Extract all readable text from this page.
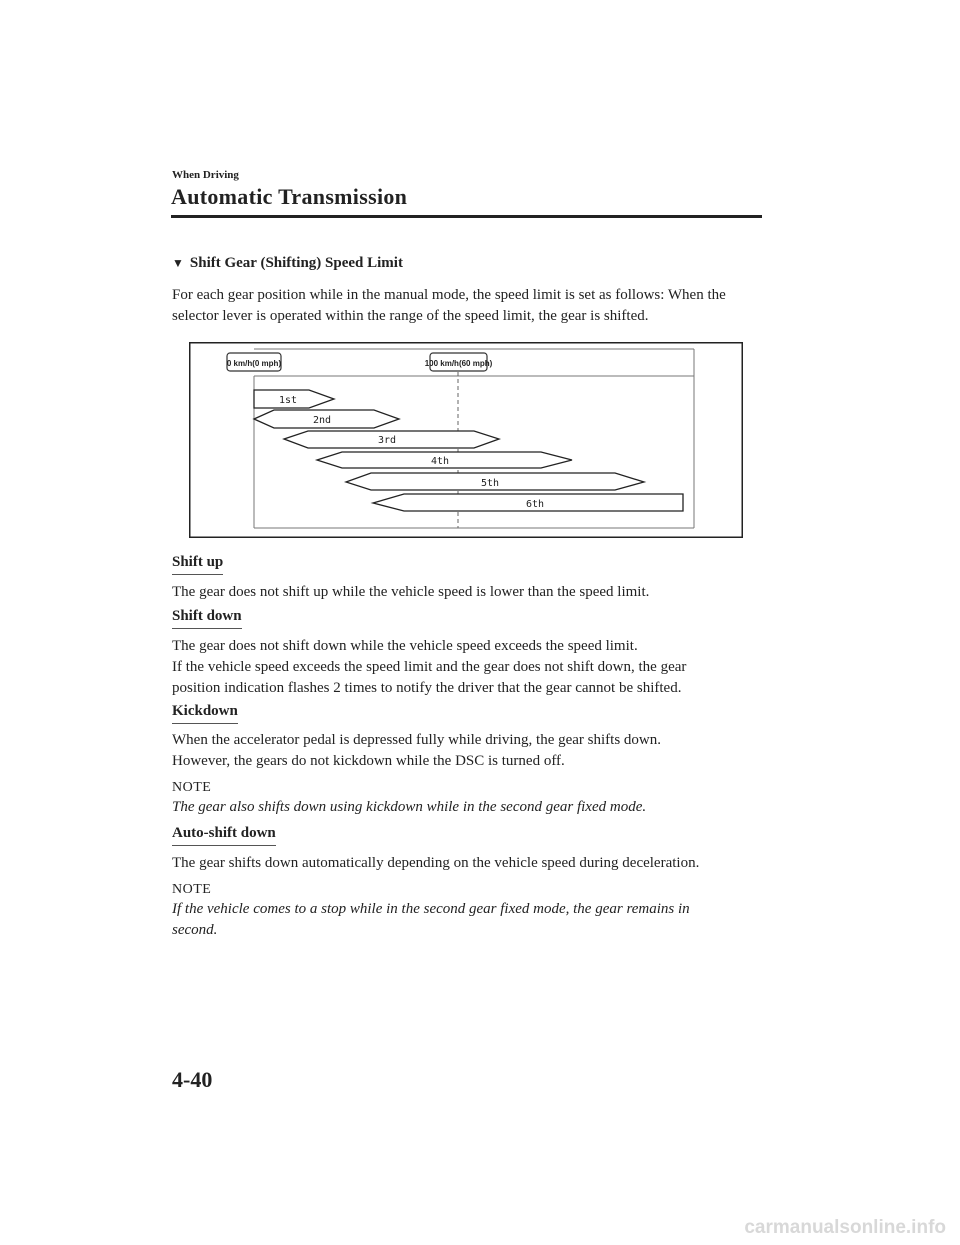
When Driving
Automatic Transmission
▼ Shift Gear (Shifting) Speed Limit
For each gear position while in the manual mode, the speed limit is set as follows: When the
selector lever is operated within the range of the speed limit, the gear is shifted.
0 km/h(0 mph)	100 km/h(60 mph)
1st
2nd
3rd
4th
5th
6th
Shift up
The gear does not shift up while the vehicle speed is lower than the speed limit.
Shift down
The gear does not shift down while the vehicle speed exceeds the speed limit.
If the vehicle speed exceeds the speed limit and the gear does not shift down, the gear
position indication flashes 2 times to notify the driver that the gear cannot be shifted.
Kickdown
When the accelerator pedal is depressed fully while driving, the gear shifts down.
However, the gears do not kickdown while the DSC is turned off.
NOTE
The gear also shifts down using kickdown while in the second gear fixed mode.
Auto-shift down
The gear shifts down automatically depending on the vehicle speed during deceleration.
NOTE
If the vehicle comes to a stop while in the second gear fixed mode, the gear remains in
second.
4-40
carmanualsonline.info
